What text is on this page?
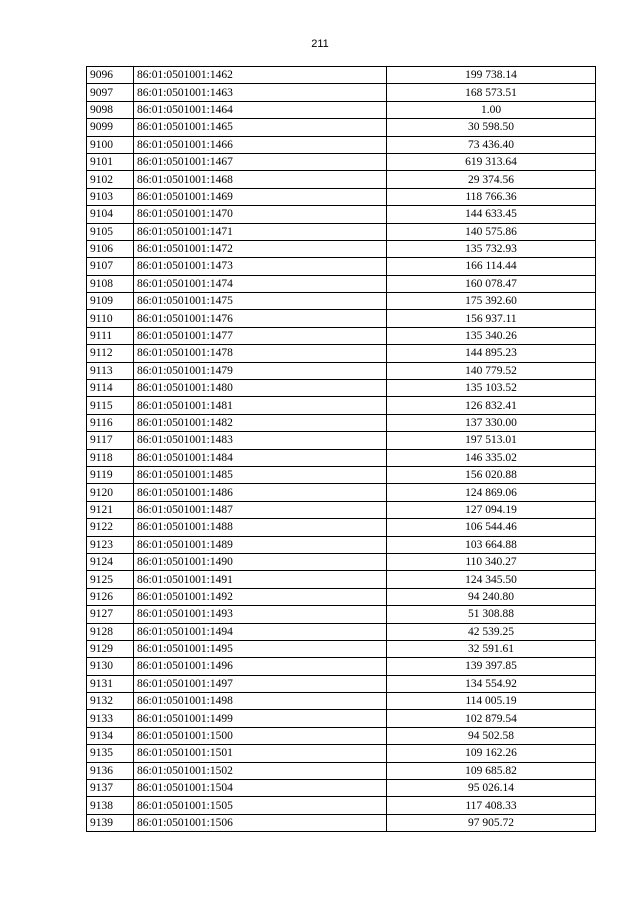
211
9096	86:01:0501001:1462	199 738.14
9097	86:01:0501001:1463	168 573.51
9098	86:01:0501001:1464	1.00
9099	86:01:0501001:1465	30 598.50
9100	86:01:0501001:1466	73 436.40
9101	86:01:0501001:1467	619 313.64
9102	86:01:0501001:1468	29 374.56
9103	86:01:0501001:1469	118 766.36
9104	86:01:0501001:1470	144 633.45
9105	86:01:0501001:1471	140 575.86
9106	86:01:0501001:1472	135 732.93
9107	86:01:0501001:1473	166 114.44
9108	86:01:0501001:1474	160 078.47
9109	86:01:0501001:1475	175 392.60
9110	86:01:0501001:1476	156 937.11
9111	86:01:0501001:1477	135 340.26
9112	86:01:0501001:1478	144 895.23
9113	86:01:0501001:1479	140 779.52
9114	86:01:0501001:1480	135 103.52
9115	86:01:0501001:1481	126 832.41
9116	86:01:0501001:1482	137 330.00
9117	86:01:0501001:1483	197 513.01
9118	86:01:0501001:1484	146 335.02
9119	86:01:0501001:1485	156 020.88
9120	86:01:0501001:1486	124 869.06
9121	86:01:0501001:1487	127 094.19
9122	86:01:0501001:1488	106 544.46
9123	86:01:0501001:1489	103 664.88
9124	86:01:0501001:1490	110 340.27
9125	86:01:0501001:1491	124 345.50
9126	86:01:0501001:1492	94 240.80
9127	86:01:0501001:1493	51 308.88
9128	86:01:0501001:1494	42 539.25
9129	86:01:0501001:1495	32 591.61
9130	86:01:0501001:1496	139 397.85
9131	86:01:0501001:1497	134 554.92
9132	86:01:0501001:1498	114 005.19
9133	86:01:0501001:1499	102 879.54
9134	86:01:0501001:1500	94 502.58
9135	86:01:0501001:1501	109 162.26
9136	86:01:0501001:1502	109 685.82
9137	86:01:0501001:1504	95 026.14
9138	86:01:0501001:1505	117 408.33
9139	86:01:0501001:1506	97 905.72
